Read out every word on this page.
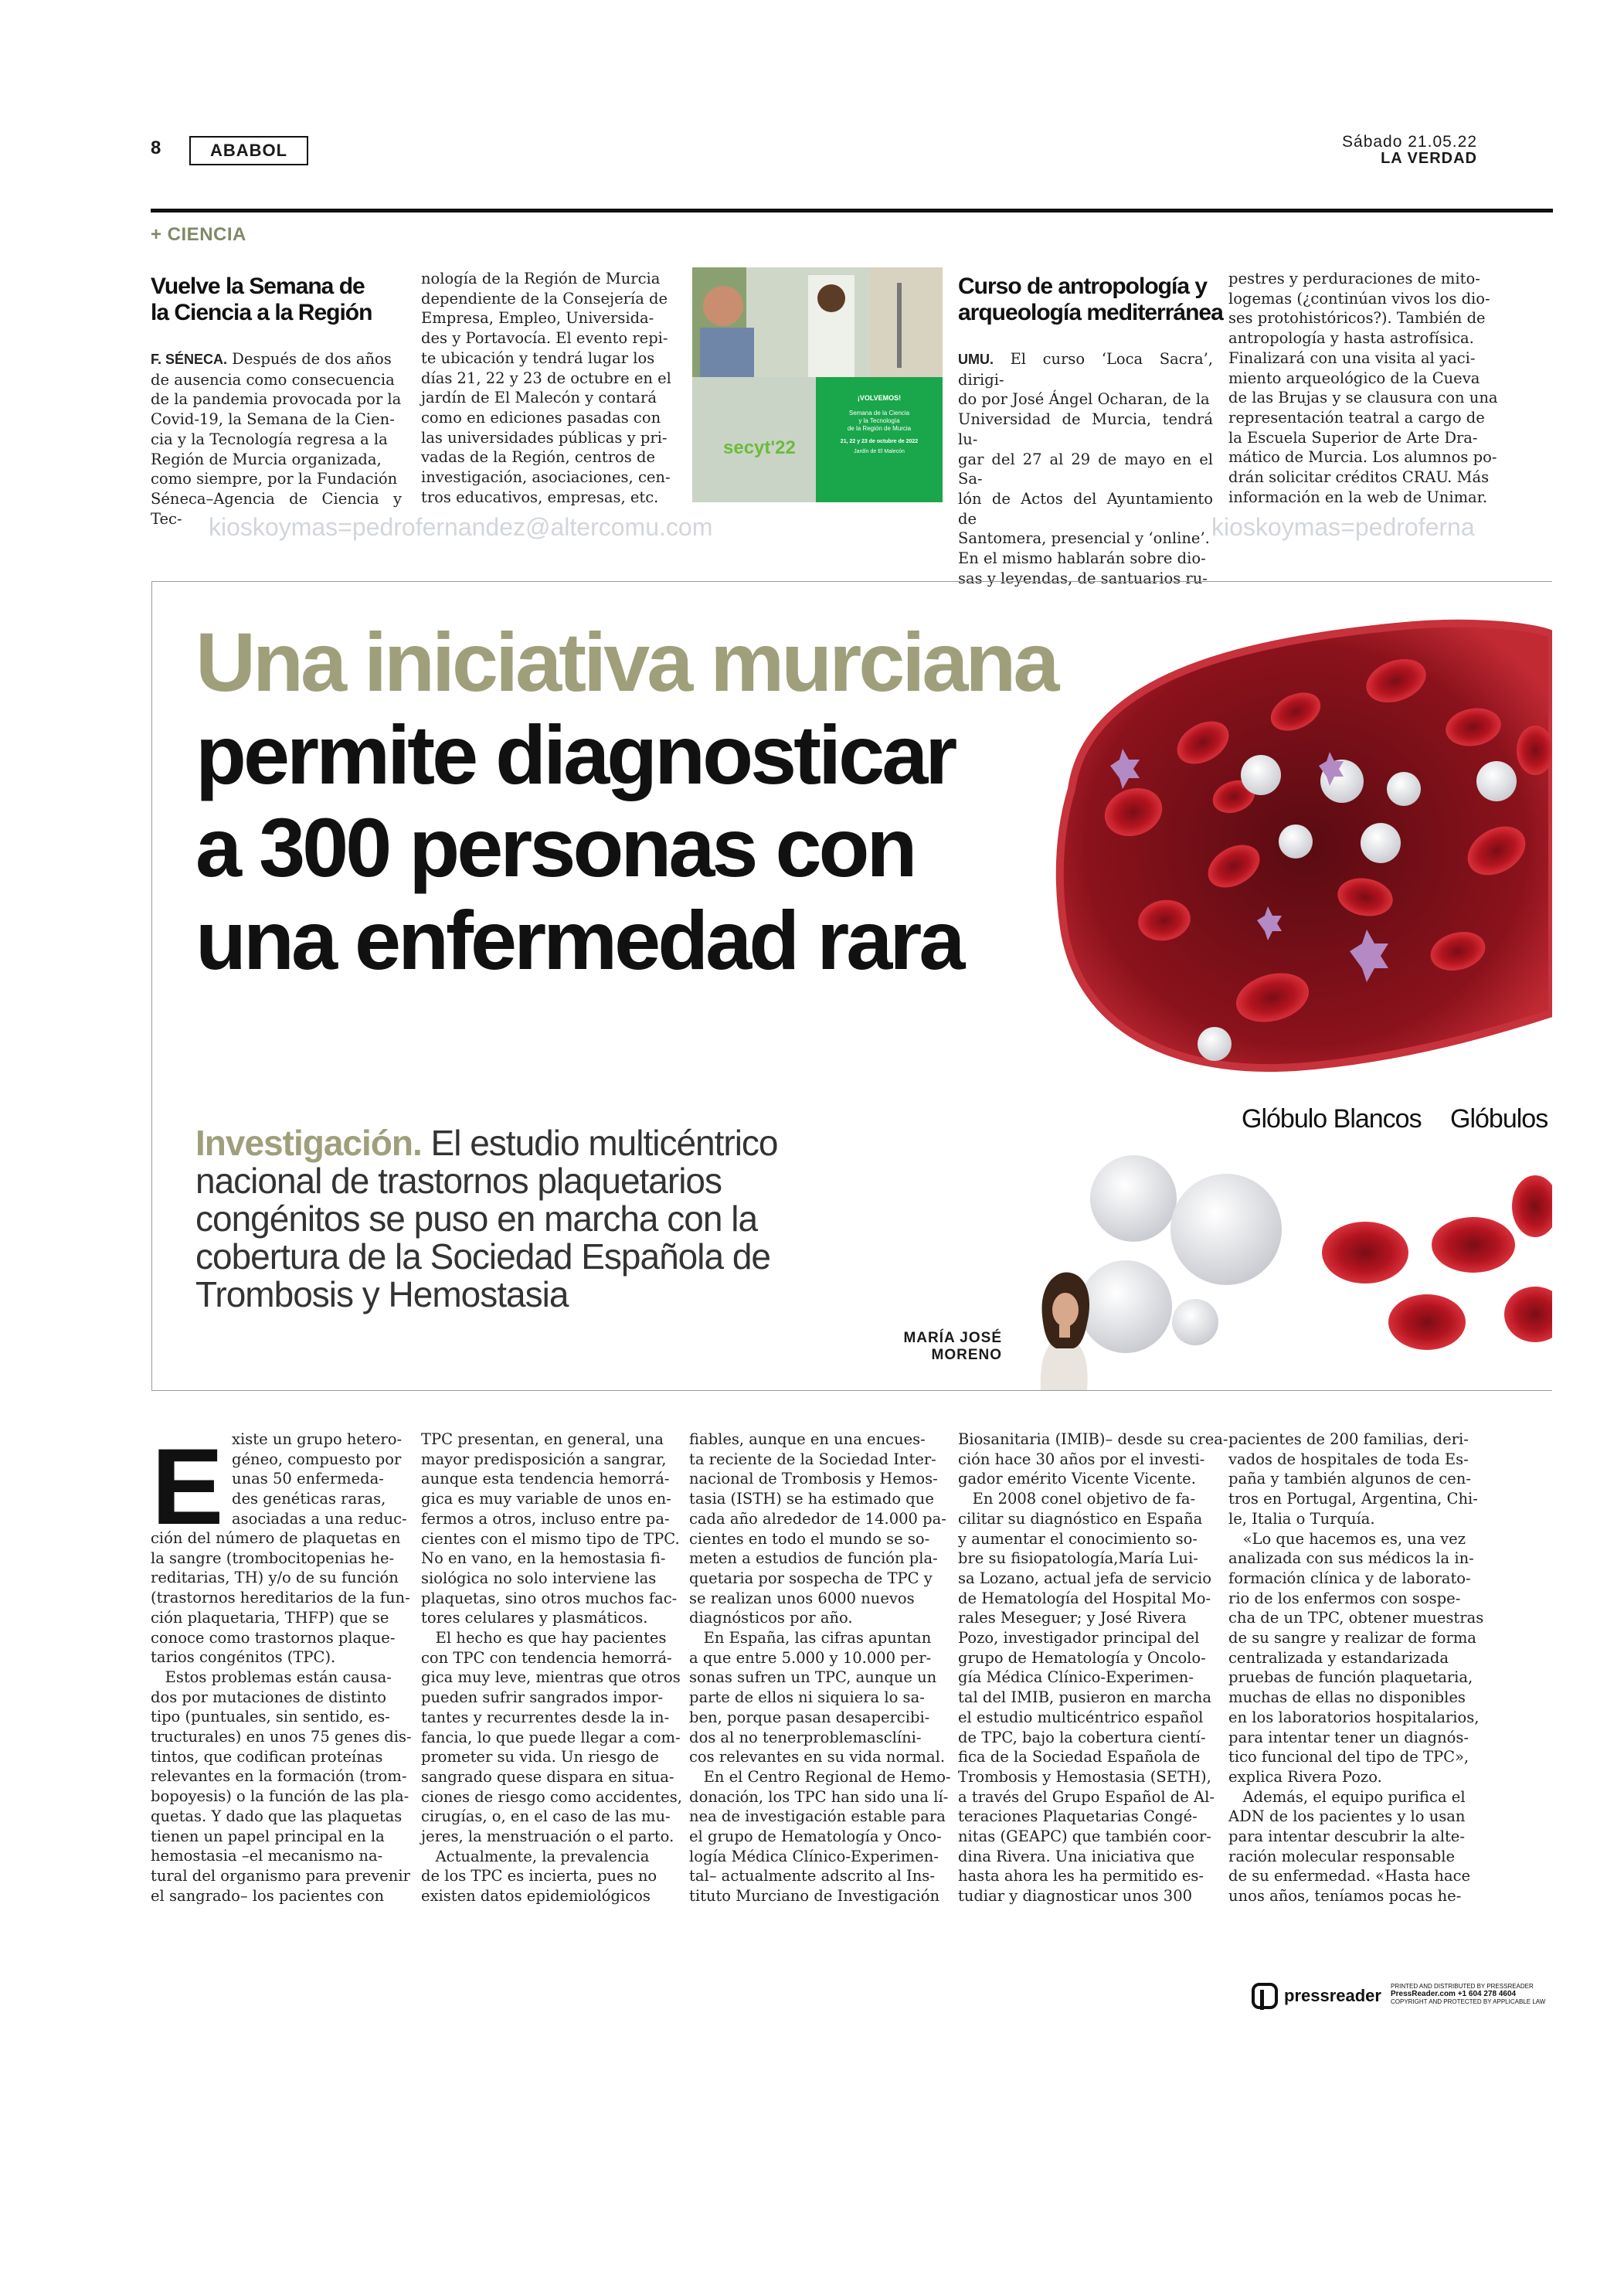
8	ABABOL	Sábado 21.05.22
LA VERDAD
+ CIENCIA
Vuelve la Semana de
la Ciencia a la Región
F. SÉNECA. Después de dos años
de ausencia como consecuencia
de la pandemia provocada por la
Covid-19, la Semana de la Cien-
cia y la Tecnología regresa a la
Región de Murcia organizada,
como siempre, por la Fundación
Séneca–Agencia de Ciencia y Tec-
nología de la Región de Murcia
dependiente de la Consejería de
Empresa, Empleo, Universida-
des y Portavocía. El evento repi-
te ubicación y tendrá lugar los
días 21, 22 y 23 de octubre en el
jardín de El Malecón y contará
como en ediciones pasadas con
las universidades públicas y pri-
vadas de la Región, centros de
investigación, asociaciones, cen-
tros educativos, empresas, etc.
secyt'22
¡VOLVEMOS!
Semana de la Ciencia
y la Tecnología
de la Región de Murcia
21, 22 y 23 de octubre de 2022
Jardín de El Malecón
Curso de antropología y
arqueología mediterránea
UMU. El curso ‘Loca Sacra’, dirigi-
do por José Ángel Ocharan, de la
Universidad de Murcia, tendrá lu-
gar del 27 al 29 de mayo en el Sa-
lón de Actos del Ayuntamiento de
Santomera, presencial y ‘online’.
En el mismo hablarán sobre dio-
sas y leyendas, de santuarios ru-
pestres y perduraciones de mito-
logemas (¿continúan vivos los dio-
ses protohistóricos?). También de
antropología y hasta astrofísica.
Finalizará con una visita al yaci-
miento arqueológico de la Cueva
de las Brujas y se clausura con una
representación teatral a cargo de
la Escuela Superior de Arte Dra-
mático de Murcia. Los alumnos po-
drán solicitar créditos CRAU. Más
información en la web de Unimar.
kioskoymas=pedrofernandez@altercomu.com	kioskoymas=pedroferna
Una iniciativa murciana
permite diagnosticar
a 300 personas con
una enfermedad rara
Glóbulo Blancos Glóbulos
Investigación. El estudio multicéntrico nacional de trastornos plaquetarios congénitos se puso en marcha con la cobertura de la Sociedad Española de Trombosis y Hemostasia
MARÍA JOSÉ
MORENO
E xiste un grupo hetero-
géneo, compuesto por
unas 50 enfermeda-
des genéticas raras,
asociadas a una reduc-
ción del número de plaquetas en
la sangre (trombocitopenias he-
reditarias, TH) y/o de su función
(trastornos hereditarios de la fun-
ción plaquetaria, THFP) que se
conoce como trastornos plaque-
tarios congénitos (TPC).
Estos problemas están causa-
dos por mutaciones de distinto
tipo (puntuales, sin sentido, es-
tructurales) en unos 75 genes dis-
tintos, que codifican proteínas
relevantes en la formación (trom-
bopoyesis) o la función de las pla-
quetas. Y dado que las plaquetas
tienen un papel principal en la
hemostasia –el mecanismo na-
tural del organismo para prevenir
el sangrado– los pacientes con
TPC presentan, en general, una
mayor predisposición a sangrar,
aunque esta tendencia hemorrá-
gica es muy variable de unos en-
fermos a otros, incluso entre pa-
cientes con el mismo tipo de TPC.
No en vano, en la hemostasia fi-
siológica no solo interviene las
plaquetas, sino otros muchos fac-
tores celulares y plasmáticos.
El hecho es que hay pacientes
con TPC con tendencia hemorrá-
gica muy leve, mientras que otros
pueden sufrir sangrados impor-
tantes y recurrentes desde la in-
fancia, lo que puede llegar a com-
prometer su vida. Un riesgo de
sangrado quese dispara en situa-
ciones de riesgo como accidentes,
cirugías, o, en el caso de las mu-
jeres, la menstruación o el parto.
Actualmente, la prevalencia
de los TPC es incierta, pues no
existen datos epidemiológicos
fiables, aunque en una encues-
ta reciente de la Sociedad Inter-
nacional de Trombosis y Hemos-
tasia (ISTH) se ha estimado que
cada año alrededor de 14.000 pa-
cientes en todo el mundo se so-
meten a estudios de función pla-
quetaria por sospecha de TPC y
se realizan unos 6000 nuevos
diagnósticos por año.
En España, las cifras apuntan
a que entre 5.000 y 10.000 per-
sonas sufren un TPC, aunque un
parte de ellos ni siquiera lo sa-
ben, porque pasan desapercibi-
dos al no tenerproblemasclíni-
cos relevantes en su vida normal.
En el Centro Regional de Hemo-
donación, los TPC han sido una lí-
nea de investigación estable para
el grupo de Hematología y Onco-
logía Médica Clínico-Experimen-
tal– actualmente adscrito al Ins-
tituto Murciano de Investigación
Biosanitaria (IMIB)– desde su crea-
ción hace 30 años por el investi-
gador emérito Vicente Vicente.
En 2008 conel objetivo de fa-
cilitar su diagnóstico en España
y aumentar el conocimiento so-
bre su fisiopatología,María Lui-
sa Lozano, actual jefa de servicio
de Hematología del Hospital Mo-
rales Meseguer; y José Rivera
Pozo, investigador principal del
grupo de Hematología y Oncolo-
gía Médica Clínico-Experimen-
tal del IMIB, pusieron en marcha
el estudio multicéntrico español
de TPC, bajo la cobertura cientí-
fica de la Sociedad Española de
Trombosis y Hemostasia (SETH),
a través del Grupo Español de Al-
teraciones Plaquetarias Congé-
nitas (GEAPC) que también coor-
dina Rivera. Una iniciativa que
hasta ahora les ha permitido es-
tudiar y diagnosticar unos 300
pacientes de 200 familias, deri-
vados de hospitales de toda Es-
paña y también algunos de cen-
tros en Portugal, Argentina, Chi-
le, Italia o Turquía.
«Lo que hacemos es, una vez
analizada con sus médicos la in-
formación clínica y de laborato-
rio de los enfermos con sospe-
cha de un TPC, obtener muestras
de su sangre y realizar de forma
centralizada y estandarizada
pruebas de función plaquetaria,
muchas de ellas no disponibles
en los laboratorios hospitalarios,
para intentar tener un diagnós-
tico funcional del tipo de TPC»,
explica Rivera Pozo.
Además, el equipo purifica el
ADN de los pacientes y lo usan
para intentar descubrir la alte-
ración molecular responsable
de su enfermedad. «Hasta hace
unos años, teníamos pocas he-
pressreader PRINTED AND DISTRIBUTED BY PRESSREADER
PressReader.com +1 604 278 4604
COPYRIGHT AND PROTECTED BY APPLICABLE LAW
